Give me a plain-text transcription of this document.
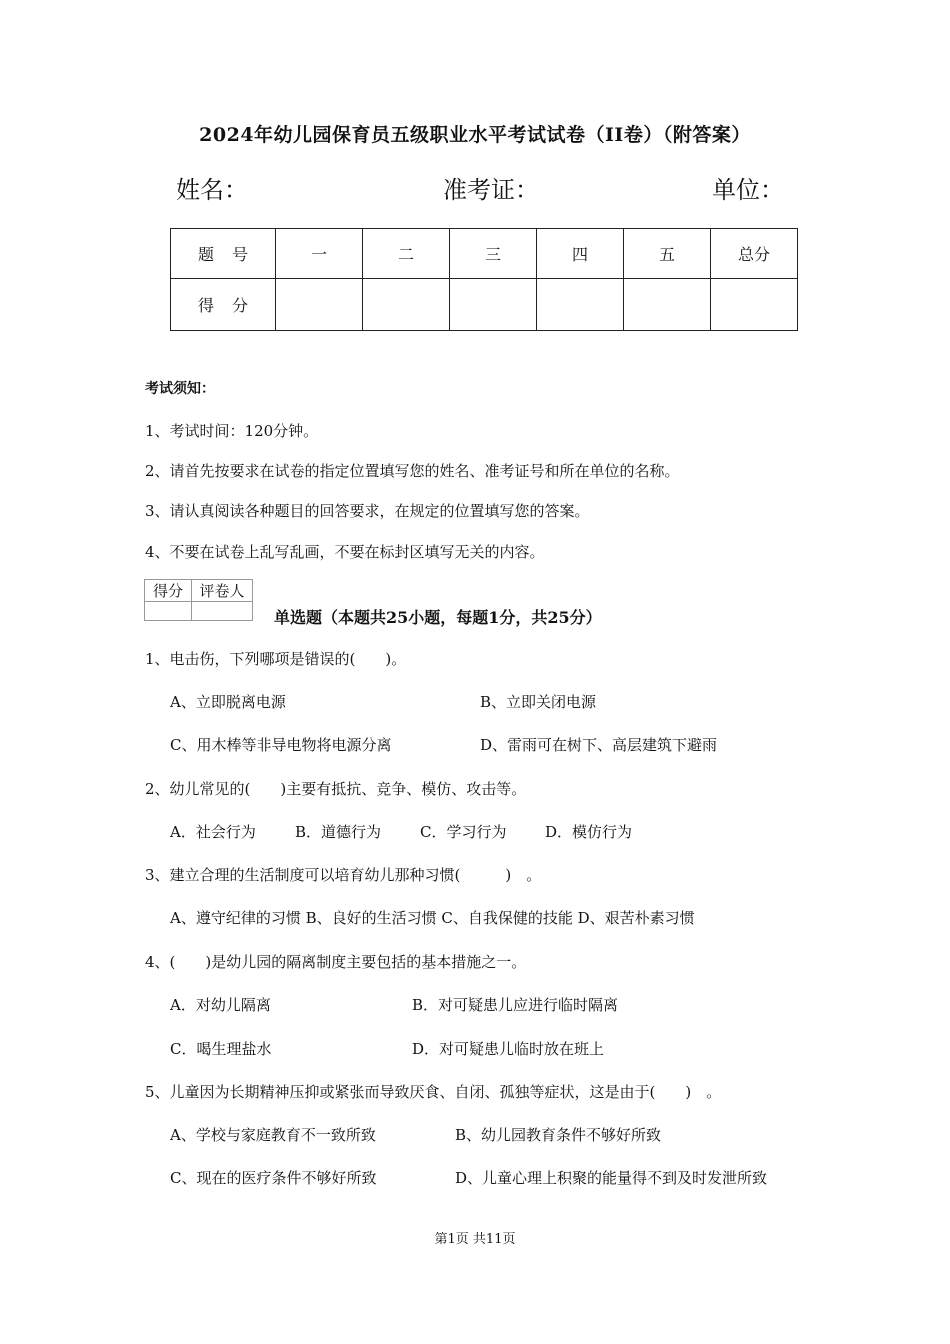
2024年幼儿园保育员五级职业水平考试试卷（II卷）（附答案）
姓名：	准考证：	单位：
题号	一	二	三	四	五	总分
得分						
考试须知：
1、考试时间：120分钟。
2、请首先按要求在试卷的指定位置填写您的姓名、准考证号和所在单位的名称。
3、请认真阅读各种题目的回答要求，在规定的位置填写您的答案。
4、不要在试卷上乱写乱画，不要在标封区填写无关的内容。
得分	评卷人

单选题（本题共25小题，每题1分，共25分）
1、电击伤，下列哪项是错误的(　　)。
A、立即脱离电源	B、立即关闭电源
C、用木棒等非导电物将电源分离	D、雷雨可在树下、高层建筑下避雨
2、幼儿常见的(　　)主要有抵抗、竞争、模仿、攻击等。
A．社会行为	B．道德行为	C．学习行为	D．模仿行为
3、建立合理的生活制度可以培育幼儿那种习惯(　　　)　。
A、遵守纪律的习惯 B、良好的生活习惯 C、自我保健的技能 D、艰苦朴素习惯
4、(　　)是幼儿园的隔离制度主要包括的基本措施之一。
A．对幼儿隔离	B．对可疑患儿应进行临时隔离
C．喝生理盐水	D．对可疑患儿临时放在班上
5、儿童因为长期精神压抑或紧张而导致厌食、自闭、孤独等症状，这是由于(　　)　。
A、学校与家庭教育不一致所致	B、幼儿园教育条件不够好所致
C、现在的医疗条件不够好所致	D、儿童心理上积聚的能量得不到及时发泄所致
第1页 共11页
